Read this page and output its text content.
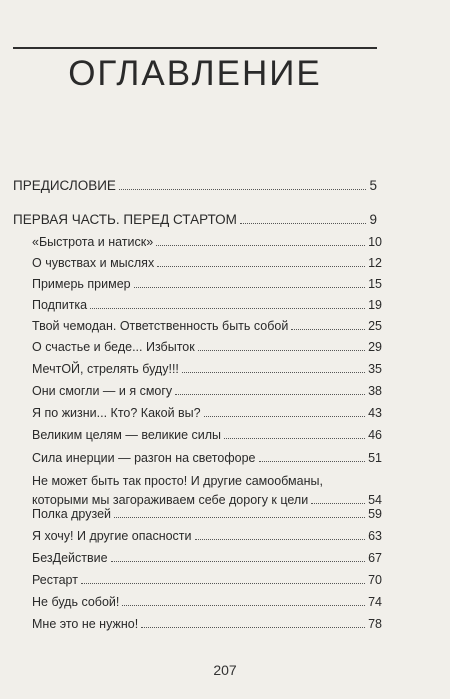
ОГЛАВЛЕНИЕ
ПРЕДИСЛОВИЕ	5
ПЕРВАЯ ЧАСТЬ. ПЕРЕД СТАРТОМ	9
«Быстрота и натиск»	10
О чувствах и мыслях	12
Примерь пример	15
Подпитка	19
Твой чемодан. Ответственность быть собой	25
О счастье и беде... Избыток	29
МечтОЙ, стрелять буду!!!	35
Они смогли — и я смогу	38
Я по жизни... Кто? Какой вы?	43
Великим целям — великие силы	46
Сила инерции — разгон на светофоре	51
Не может быть так просто! И другие самообманы,
которыми мы загораживаем себе дорогу к цели	54
Полка друзей	59
Я хочу! И другие опасности	63
БезДействие	67
Рестарт	70
Не будь собой!	74
Мне это не нужно!	78
207
